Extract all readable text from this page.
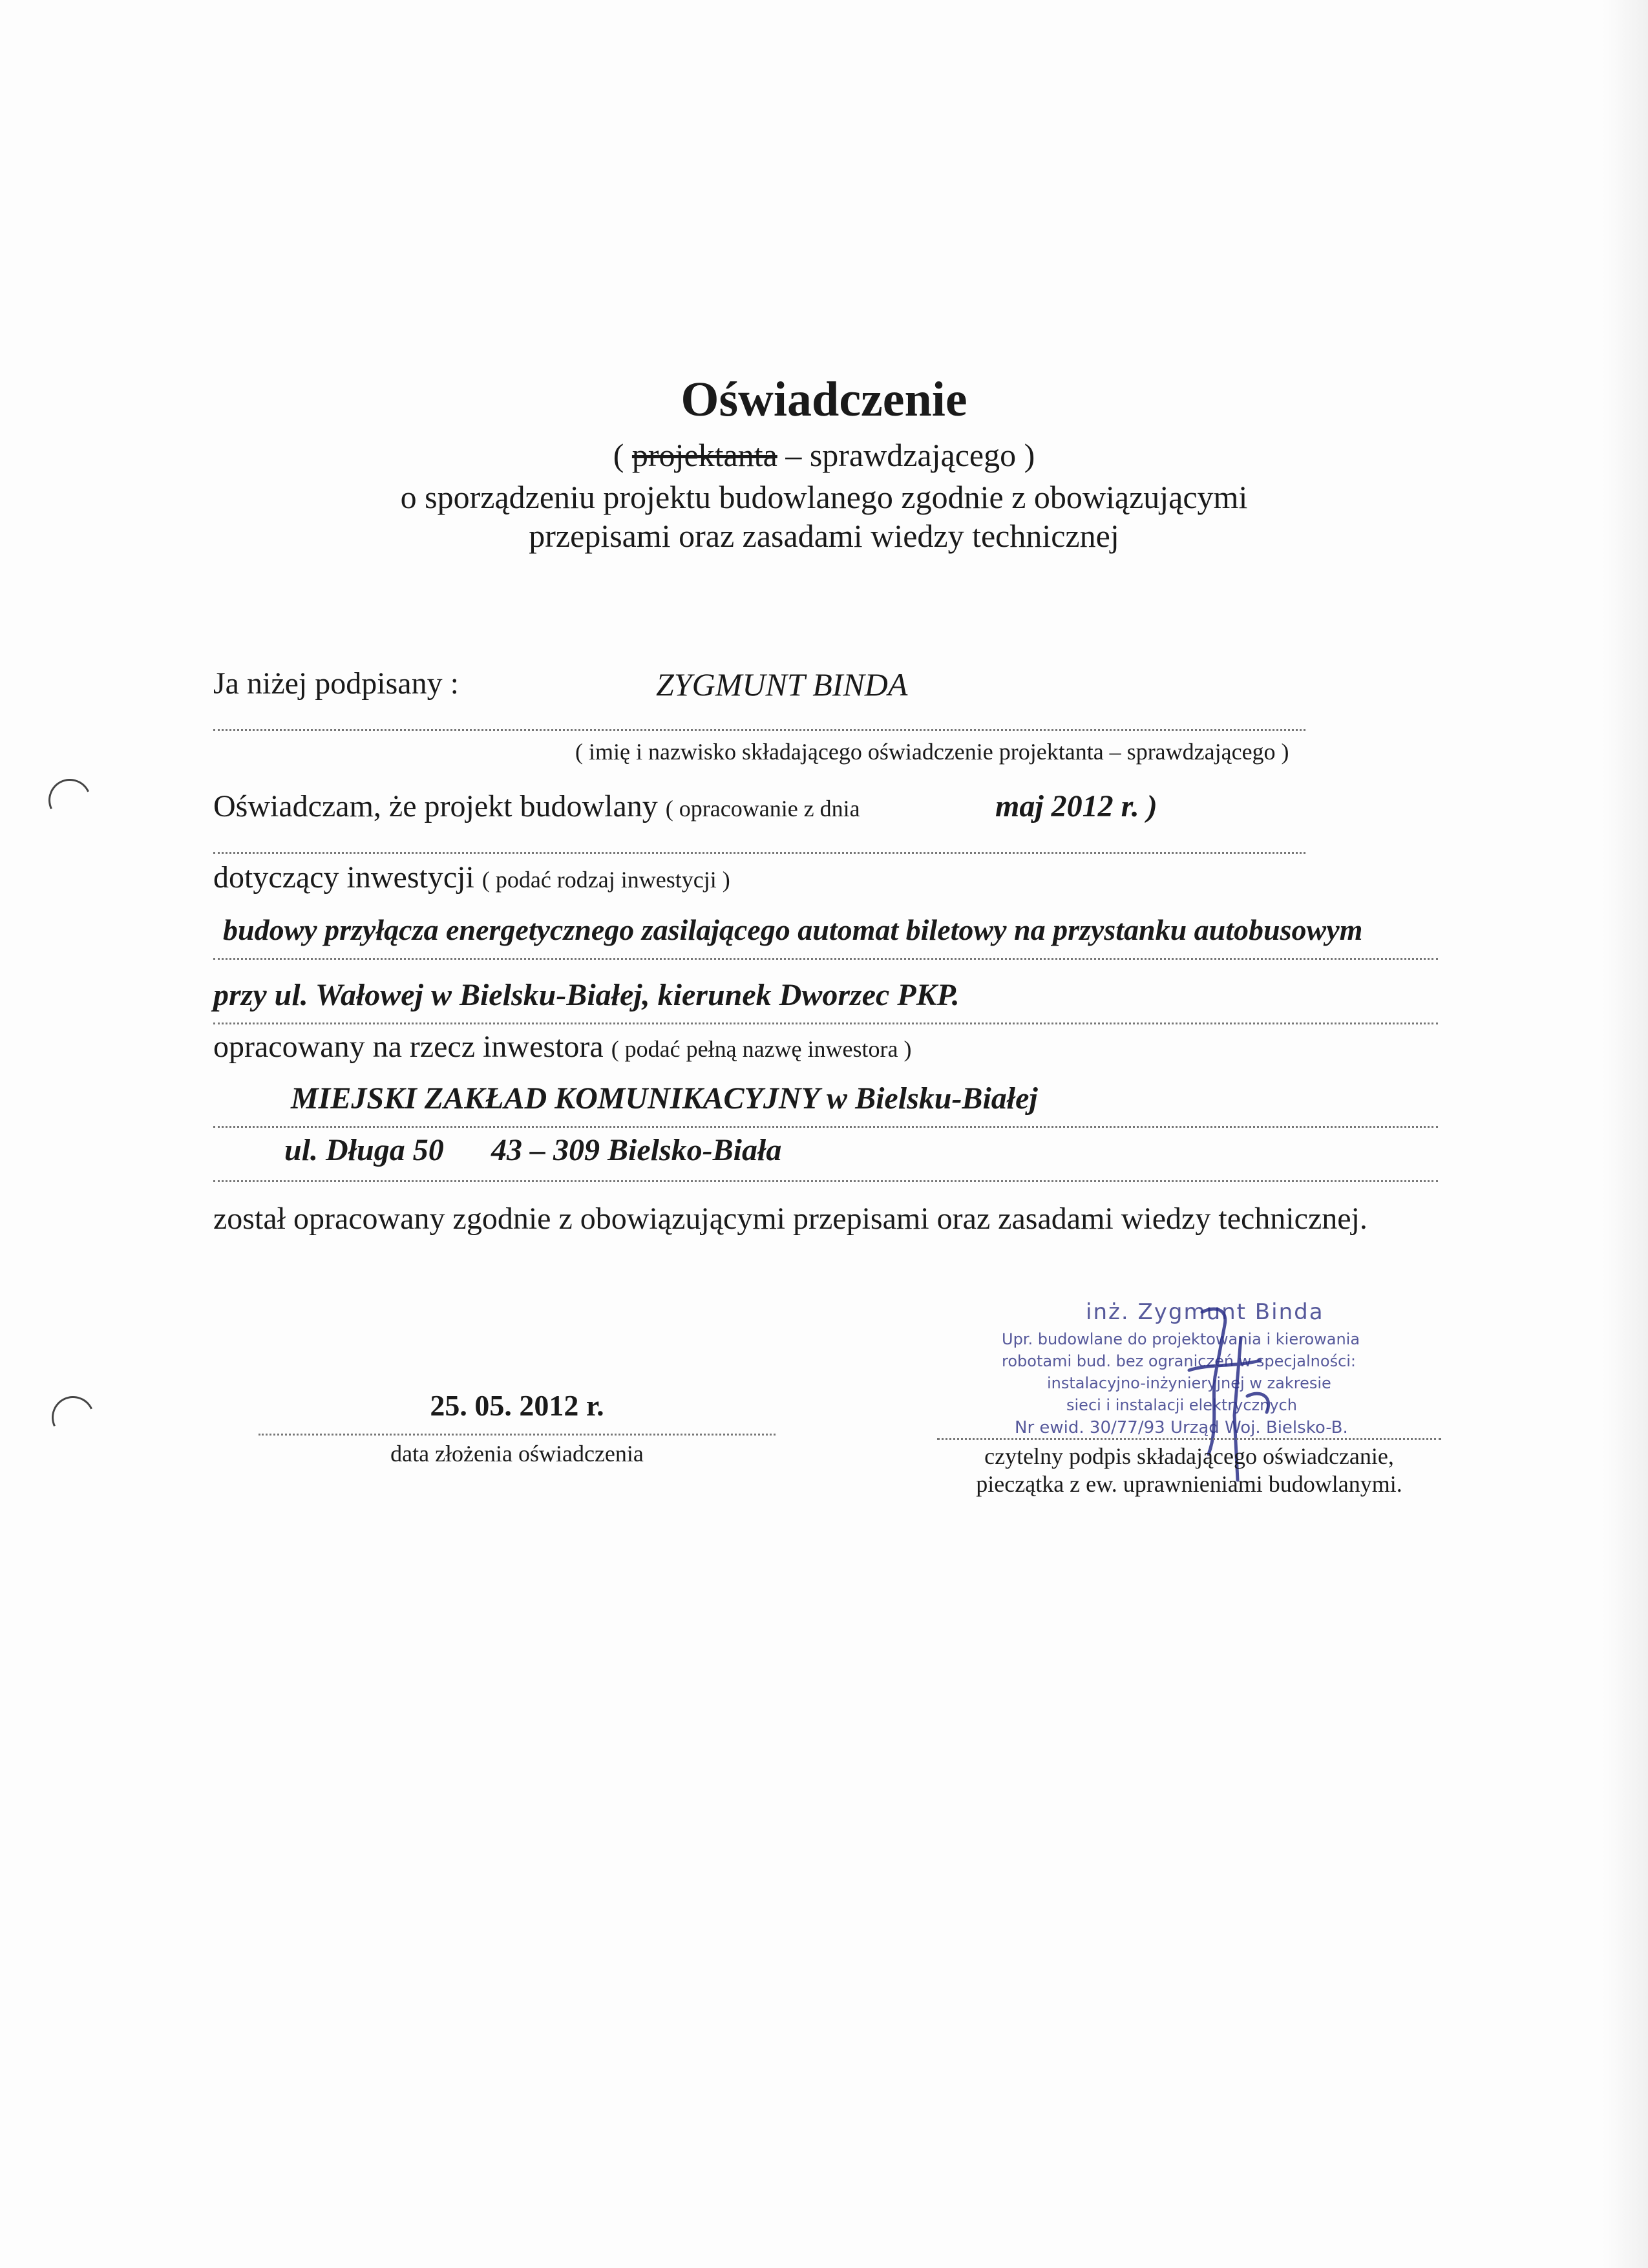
Oświadczenie
( projektanta – sprawdzającego )
o sporządzeniu projektu budowlanego zgodnie z obowiązującymi
przepisami oraz zasadami wiedzy technicznej
Ja niżej podpisany :	ZYGMUNT BINDA
( imię i nazwisko składającego oświadczenie projektanta – sprawdzającego )
Oświadczam, że projekt budowlany ( opracowanie z dnia	maj 2012 r. )
dotyczący inwestycji ( podać rodzaj inwestycji )
budowy przyłącza energetycznego zasilającego automat biletowy na przystanku autobusowym
przy ul. Wałowej w Bielsku-Białej, kierunek Dworzec PKP.
opracowany na rzecz inwestora ( podać pełną nazwę inwestora )
MIEJSKI ZAKŁAD KOMUNIKACYJNY w Bielsku-Białej
ul. Długa 50 43 – 309 Bielsko-Biała
został opracowany zgodnie z obowiązującymi przepisami oraz zasadami wiedzy technicznej.
25. 05. 2012 r.
data złożenia oświadczenia
inż. Zygmunt Binda
Upr. budowlane do projektowania i kierowania
robotami bud. bez ograniczeń w specjalności:
instalacyjno-inżynieryjnej w zakresie
sieci i instalacji elektrycznych
Nr ewid. 30/77/93 Urząd Woj. Bielsko-B.
czytelny podpis składającego oświadczanie,
pieczątka z ew. uprawnieniami budowlanymi.
